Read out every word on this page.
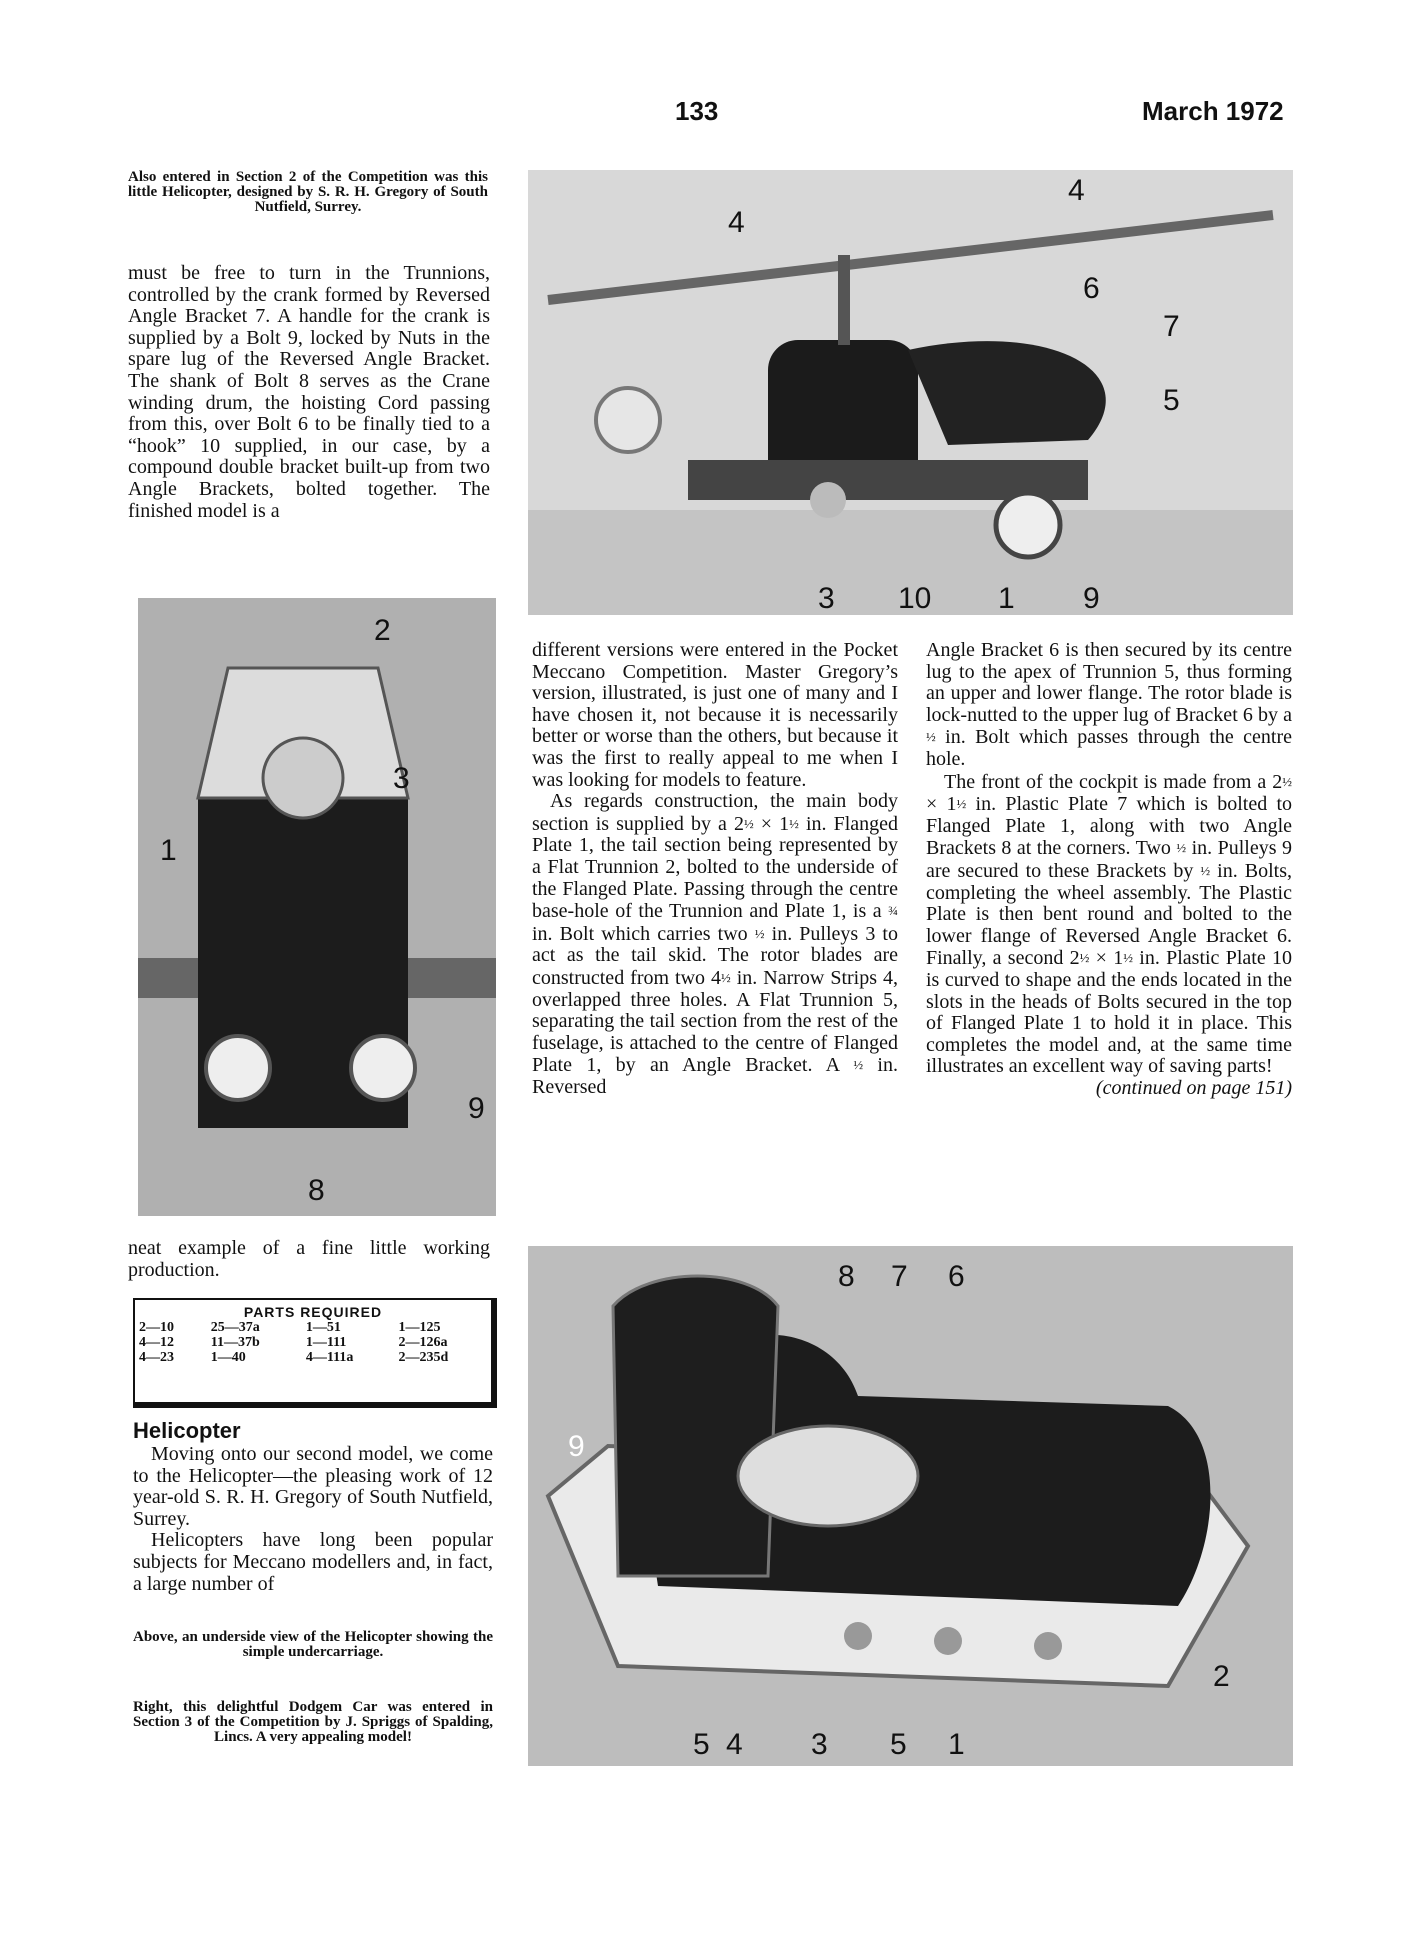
133	March 1972
Also entered in Section 2 of the Competition was this little Helicopter, designed by S. R. H. Gregory of South Nutfield, Surrey.

must be free to turn in the Trunnions, controlled by the crank formed by Reversed Angle Bracket 7. A handle for the crank is supplied by a Bolt 9, locked by Nuts in the spare lug of the Reversed Angle Bracket. The shank of Bolt 8 serves as the Crane winding drum, the hoisting Cord passing from this, over Bolt 6 to be finally tied to a “hook” 10 supplied, in our case, by a compound double bracket built-up from two Angle Brackets, bolted together. The finished model is a

4
4
6
7
5
3 10 1 9
2
3
1
9
8

neat example of a fine little working production.

PARTS REQUIRED
2—10	25—37a	1—51	1—125
4—12	11—37b	1—111	2—126a
4—23	1—40	4—111a	2—235d
Helicopter

Moving onto our second model, we come to the Helicopter—the pleasing work of 12 year-old S. R. H. Gregory of South Nutfield, Surrey.

Helicopters have long been popular subjects for Meccano modellers and, in fact, a large number of

Above, an underside view of the Helicopter showing the simple undercarriage.
Right, this delightful Dodgem Car was entered in Section 3 of the Competition by J. Spriggs of Spalding, Lincs. A very appealing model!

different versions were entered in the Pocket Meccano Competition. Master Gregory’s version, illustrated, is just one of many and I have chosen it, not because it is necessarily better or worse than the others, but because it was the first to really appeal to me when I was looking for models to feature.

As regards construction, the main body section is supplied by a 2½ × 1½ in. Flanged Plate 1, the tail section being represented by a Flat Trunnion 2, bolted to the underside of the Flanged Plate. Passing through the centre base-hole of the Trunnion and Plate 1, is a ¾ in. Bolt which carries two ½ in. Pulleys 3 to act as the tail skid. The rotor blades are constructed from two 4½ in. Narrow Strips 4, overlapped three holes. A Flat Trunnion 5, separating the tail section from the rest of the fuselage, is attached to the centre of Flanged Plate 1, by an Angle Bracket. A ½ in. Reversed

Angle Bracket 6 is then secured by its centre lug to the apex of Trunnion 5, thus forming an upper and lower flange. The rotor blade is lock-nutted to the upper lug of Bracket 6 by a ½ in. Bolt which passes through the centre hole.

The front of the cockpit is made from a 2½ × 1½ in. Plastic Plate 7 which is bolted to Flanged Plate 1, along with two Angle Brackets 8 at the corners. Two ½ in. Pulleys 9 are secured to these Brackets by ½ in. Bolts, completing the wheel assembly. The Plastic Plate is then bent round and bolted to the lower flange of Reversed Angle Bracket 6. Finally, a second 2½ × 1½ in. Plastic Plate 10 is curved to shape and the ends located in the slots in the heads of Bolts secured in the top of Flanged Plate 1 to hold it in place. This completes the model and, at the same time illustrates an excellent way of saving parts!

(continued on page 151)
8 7 6
9
2
5 4 3 5 1
